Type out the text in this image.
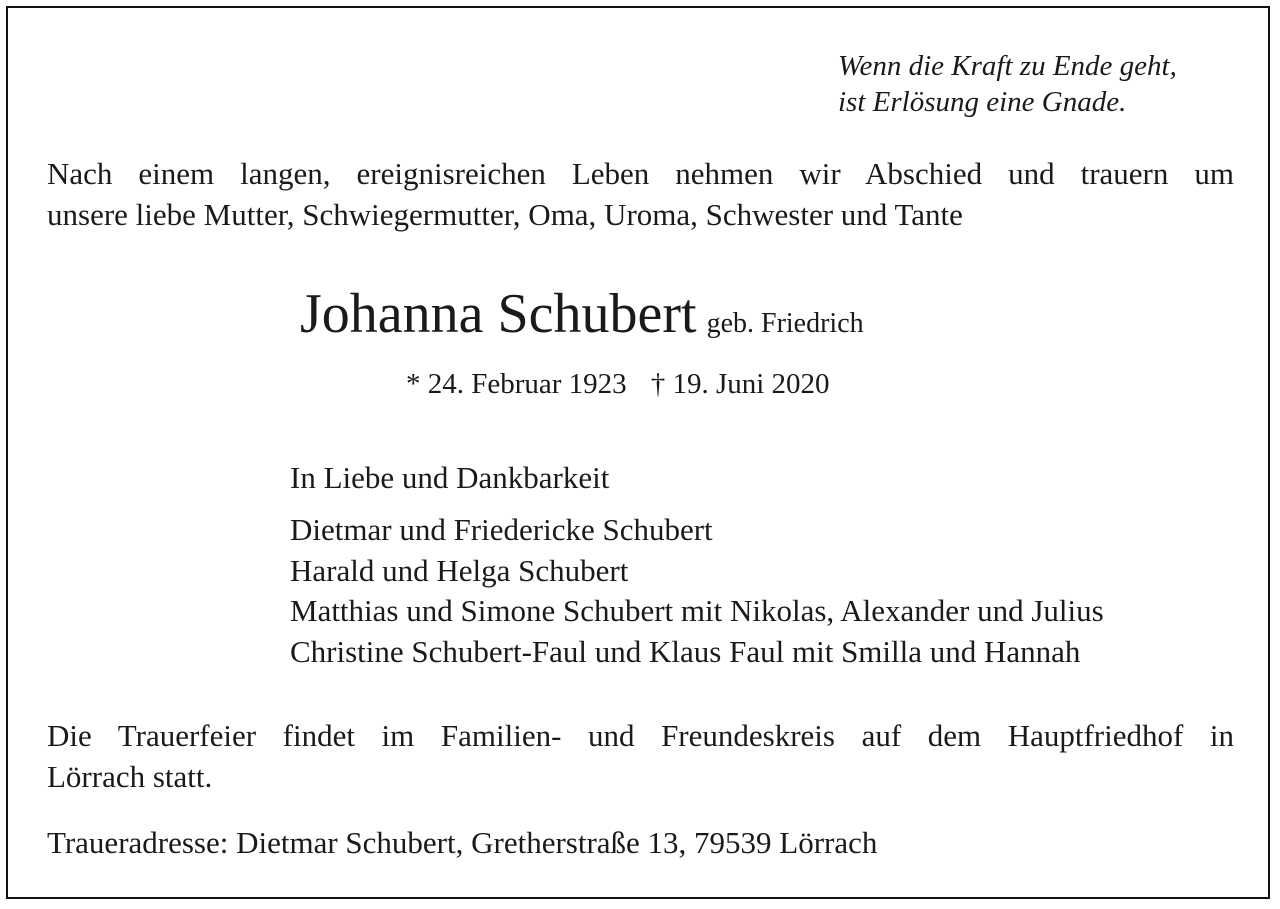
Wenn die Kraft zu Ende geht,
ist Erlösung eine Gnade.
Nach einem langen, ereignisreichen Leben nehmen wir Abschied und trauern um
unsere liebe Mutter, Schwiegermutter, Oma, Uroma, Schwester und Tante
Johanna Schubert geb. Friedrich
* 24. Februar 1923 † 19. Juni 2020
In Liebe und Dankbarkeit
Dietmar und Friedericke Schubert
Harald und Helga Schubert
Matthias und Simone Schubert mit Nikolas, Alexander und Julius
Christine Schubert-Faul und Klaus Faul mit Smilla und Hannah
Die Trauerfeier findet im Familien- und Freundeskreis auf dem Hauptfriedhof in
Lörrach statt.
Traueradresse: Dietmar Schubert, Gretherstraße 13, 79539 Lörrach
